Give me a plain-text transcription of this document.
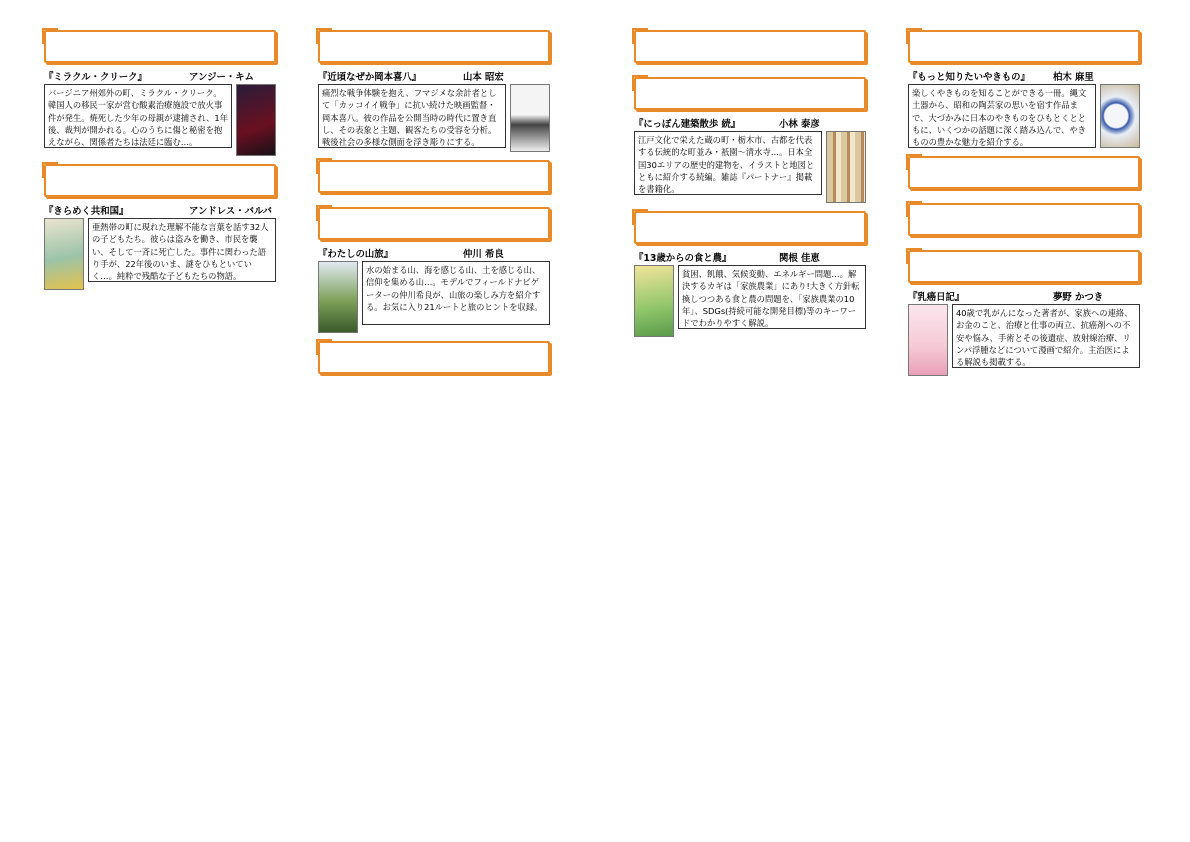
『ミラクル・クリーク』	アンジー・キム
バージニア州郊外の町、ミラクル・クリーク。韓国人の移民一家が営む酸素治療施設で放火事件が発生。焼死した少年の母親が逮捕され、1年後、裁判が開かれる。心のうちに傷と秘密を抱えながら、関係者たちは法廷に臨む…。
『きらめく共和国』	アンドレス・バルバ
亜熱帯の町に現れた理解不能な言葉を話す32人の子どもたち。彼らは盗みを働き、市民を襲い、そして一斉に死亡した。事件に関わった語り手が、22年後のいま、謎をひもといていく…。純粋で残酷な子どもたちの物語。
『近頃なぜか岡本喜八』	山本 昭宏
痛烈な戦争体験を抱え、フマジメな余計者として「カッコイイ戦争」に抗い続けた映画監督・岡本喜八。彼の作品を公開当時の時代に置き直し、その表象と主題、観客たちの受容を分析。戦後社会の多様な側面を浮き彫りにする。
『わたしの山旅』	仲川 希良
水の始まる山、海を感じる山、土を感じる山、信仰を集める山…。モデルでフィールドナビゲーターの仲川希良が、山旅の楽しみ方を紹介する。お気に入り21ルートと旅のヒントを収録。
『にっぽん建築散歩 続』	小林 泰彦
江戸文化で栄えた蔵の町・栃木市、古都を代表する伝統的な町並み・祇園〜清水寺…。日本全国30エリアの歴史的建物を、イラストと地図とともに紹介する続編。雑誌『パートナー』掲載を書籍化。
『13歳からの食と農』	関根 佳恵
貧困、飢餓、気候変動、エネルギー問題…。解決するカギは「家族農業」にあり!大きく方針転換しつつある食と農の問題を、「家族農業の10年」、SDGs(持続可能な開発目標)等のキーワードでわかりやすく解説。
『もっと知りたいやきもの』	柏木 麻里
楽しくやきものを知ることができる一冊。縄文土器から、昭和の陶芸家の思いを宿す作品まで、大づかみに日本のやきものをひもとくとともに、いくつかの話題に深く踏み込んで、やきものの豊かな魅力を紹介する。
『乳癌日記』	夢野 かつき
40歳で乳がんになった著者が、家族への連絡、お金のこと、治療と仕事の両立、抗癌剤への不安や悩み、手術とその後遺症、放射線治療、リンパ浮腫などについて漫画で紹介。主治医による解説も掲載する。
